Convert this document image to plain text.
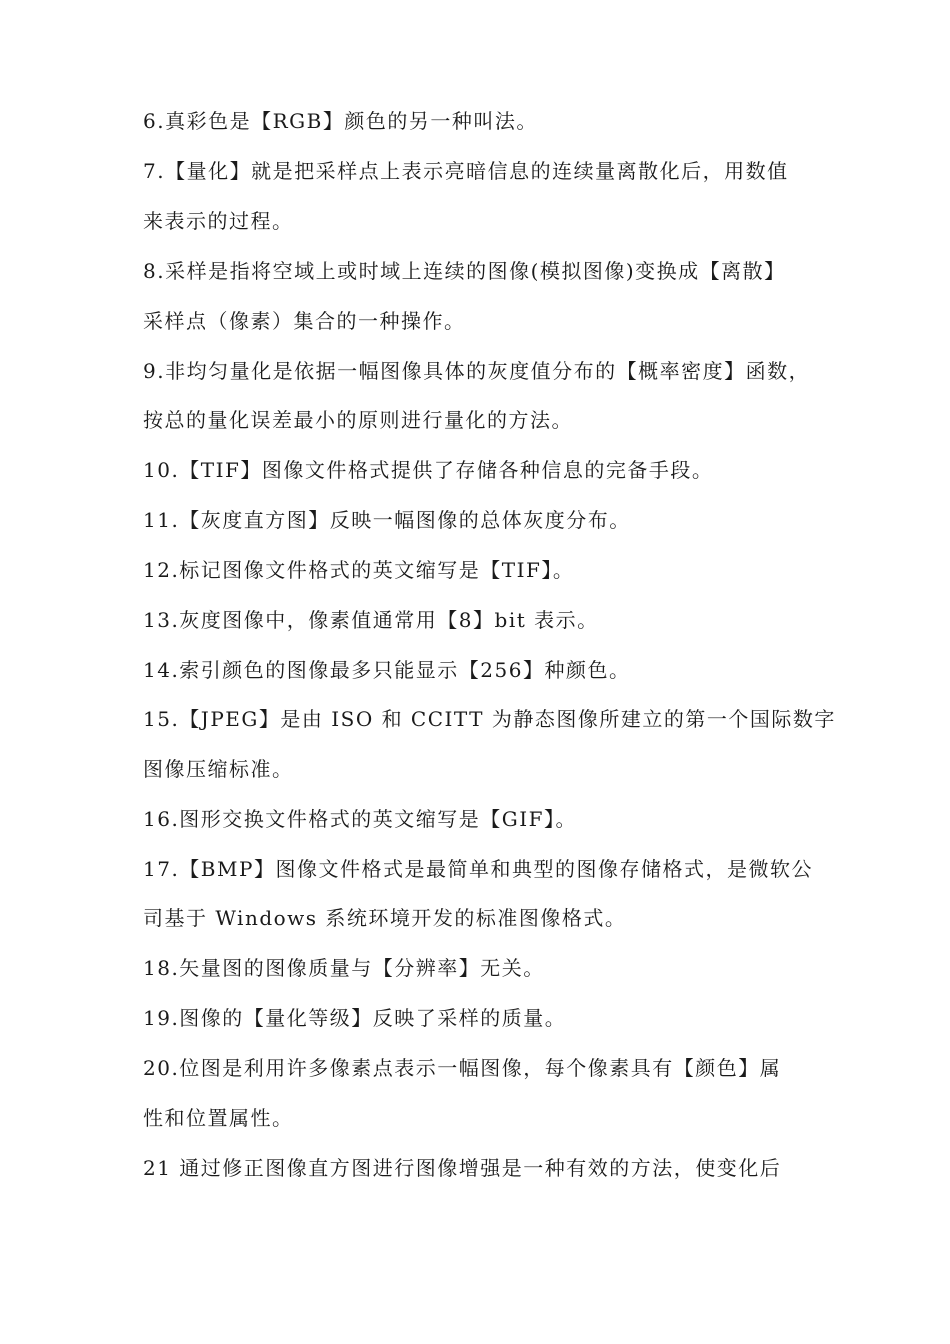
6.真彩色是【RGB】颜色的另一种叫法。
7.【量化】就是把采样点上表示亮暗信息的连续量离散化后，用数值
来表示的过程。
8.采样是指将空域上或时域上连续的图像(模拟图像)变换成【离散】
采样点（像素）集合的一种操作。
9.非均匀量化是依据一幅图像具体的灰度值分布的【概率密度】函数，
按总的量化误差最小的原则进行量化的方法。
10.【TIF】图像文件格式提供了存储各种信息的完备手段。
11.【灰度直方图】反映一幅图像的总体灰度分布。
12.标记图像文件格式的英文缩写是【TIF】。
13.灰度图像中，像素值通常用【8】bit 表示。
14.索引颜色的图像最多只能显示【256】种颜色。
15.【JPEG】是由 ISO 和 CCITT 为静态图像所建立的第一个国际数字
图像压缩标准。
16.图形交换文件格式的英文缩写是【GIF】。
17.【BMP】图像文件格式是最简单和典型的图像存储格式，是微软公
司基于 Windows 系统环境开发的标准图像格式。
18.矢量图的图像质量与【分辨率】无关。
19.图像的【量化等级】反映了采样的质量。
20.位图是利用许多像素点表示一幅图像，每个像素具有【颜色】属
性和位置属性。
21 通过修正图像直方图进行图像增强是一种有效的方法，使变化后
